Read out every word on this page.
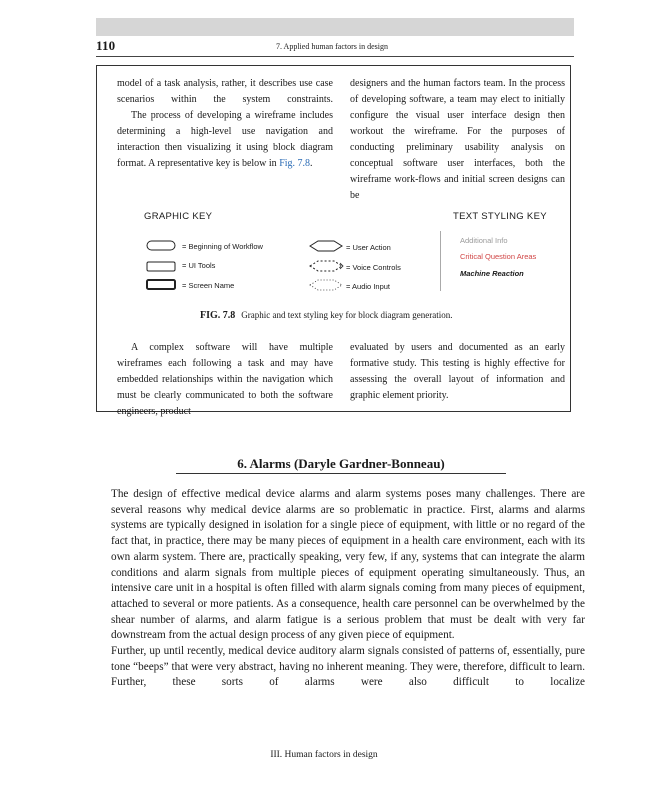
110	7. Applied human factors in design

model of a task analysis, rather, it describes use case scenarios within the system constraints.

The process of developing a wireframe includes determining a high-level use navigation and interaction then visualizing it using block diagram format. A representative key is below in Fig. 7.8.

designers and the human factors team. In the process of developing software, a team may elect to initially configure the visual user interface design then workout the wireframe. For the purposes of conducting preliminary usability analysis on conceptual software user interfaces, both the wireframe work-flows and initial screen designs can be

GRAPHIC KEY	TEXT STYLING KEY
= Beginning of Workflow
= UI Tools
= Screen Name
= User Action
= Voice Controls
= Audio Input
Additional Info
Critical Question Areas
Machine Reaction
FIG. 7.8 Graphic and text styling key for block diagram generation.

A complex software will have multiple wireframes each following a task and may have embedded relationships within the navigation which must be clearly communicated to both the software engineers, product

evaluated by users and documented as an early formative study. This testing is highly effective for assessing the overall layout of information and graphic element priority.

6. Alarms (Daryle Gardner-Bonneau)

The design of effective medical device alarms and alarm systems poses many challenges. There are several reasons why medical device alarms are so problematic in practice. First, alarms and alarms systems are typically designed in isolation for a single piece of equipment, with little or no regard of the fact that, in practice, there may be many pieces of equipment in a health care environment, each with its own alarm system. There are, practically speaking, very few, if any, systems that can integrate the alarm conditions and alarm signals from multiple pieces of equipment operating simultaneously. Thus, an intensive care unit in a hospital is often filled with alarm signals coming from many pieces of equipment, attached to several or more patients. As a consequence, health care personnel can be overwhelmed by the shear number of alarms, and alarm fatigue is a serious problem that must be dealt with very far downstream from the actual design process of any given piece of equipment.

Further, up until recently, medical device auditory alarm signals consisted of patterns of, essentially, pure tone “beeps” that were very abstract, having no inherent meaning. They were, therefore, difficult to learn. Further, these sorts of alarms were also difficult to localize

III. Human factors in design
